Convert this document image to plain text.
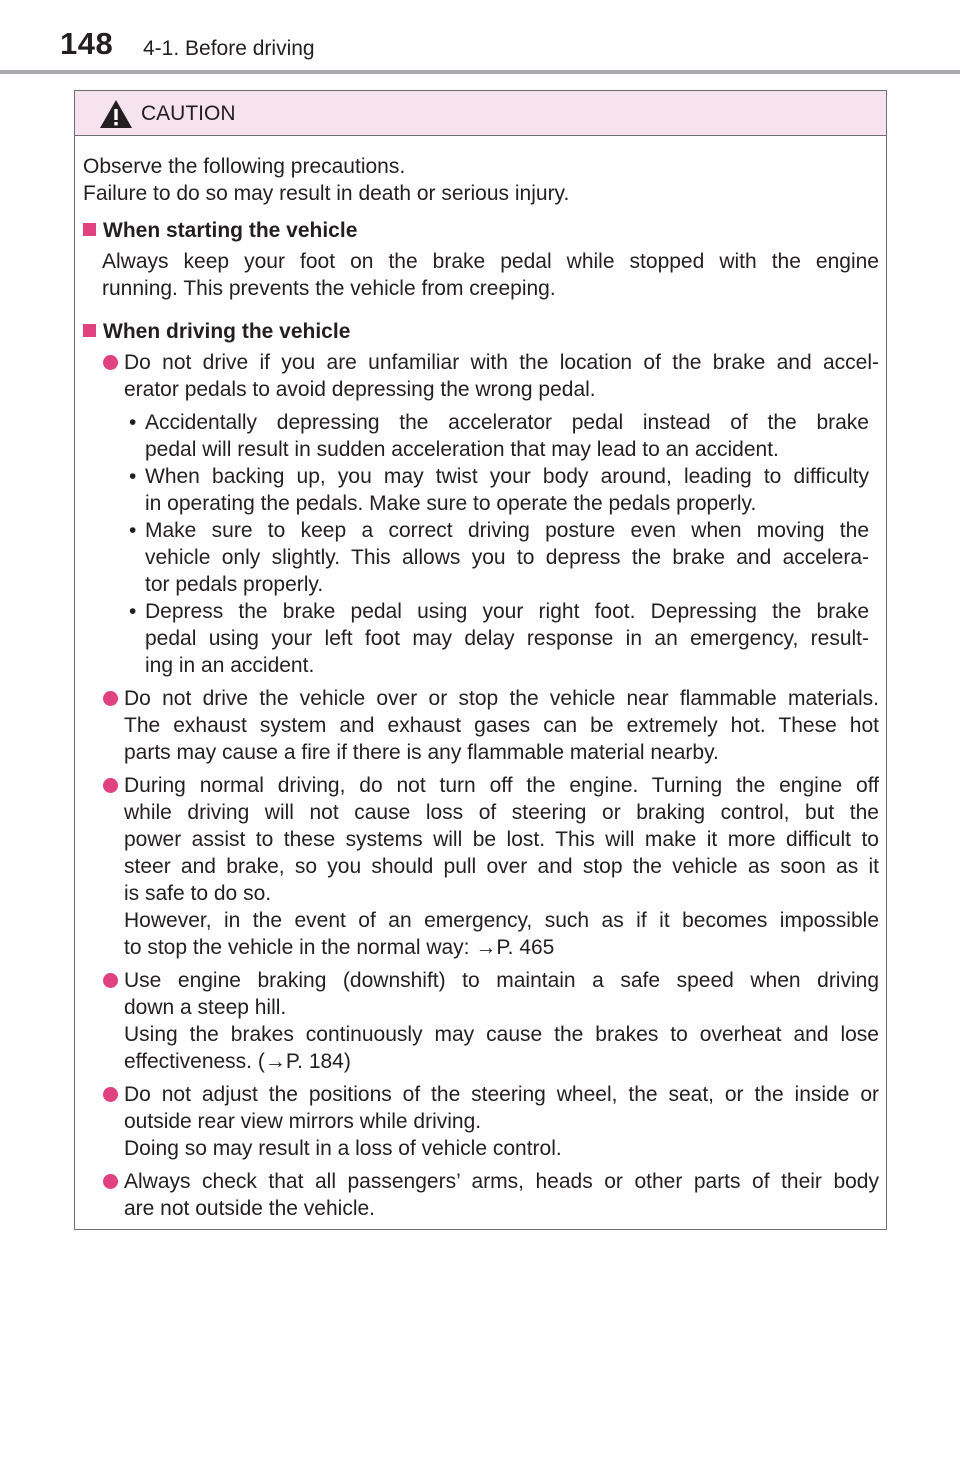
148 4-1. Before driving
CAUTION
Observe the following precautions.
Failure to do so may result in death or serious injury.
When starting the vehicle
Always keep your foot on the brake pedal while stopped with the engine
running. This prevents the vehicle from creeping.
When driving the vehicle
Do not drive if you are unfamiliar with the location of the brake and accel-
erator pedals to avoid depressing the wrong pedal.
• Accidentally depressing the accelerator pedal instead of the brake
pedal will result in sudden acceleration that may lead to an accident.
• When backing up, you may twist your body around, leading to difficulty
in operating the pedals. Make sure to operate the pedals properly.
• Make sure to keep a correct driving posture even when moving the
vehicle only slightly. This allows you to depress the brake and accelera-
tor pedals properly.
• Depress the brake pedal using your right foot. Depressing the brake
pedal using your left foot may delay response in an emergency, result-
ing in an accident.
Do not drive the vehicle over or stop the vehicle near flammable materials.
The exhaust system and exhaust gases can be extremely hot. These hot
parts may cause a fire if there is any flammable material nearby.
During normal driving, do not turn off the engine. Turning the engine off
while driving will not cause loss of steering or braking control, but the
power assist to these systems will be lost. This will make it more difficult to
steer and brake, so you should pull over and stop the vehicle as soon as it
is safe to do so.
However, in the event of an emergency, such as if it becomes impossible
to stop the vehicle in the normal way: →P. 465
Use engine braking (downshift) to maintain a safe speed when driving
down a steep hill.
Using the brakes continuously may cause the brakes to overheat and lose
effectiveness. (→P. 184)
Do not adjust the positions of the steering wheel, the seat, or the inside or
outside rear view mirrors while driving.
Doing so may result in a loss of vehicle control.
Always check that all passengers’ arms, heads or other parts of their body
are not outside the vehicle.
